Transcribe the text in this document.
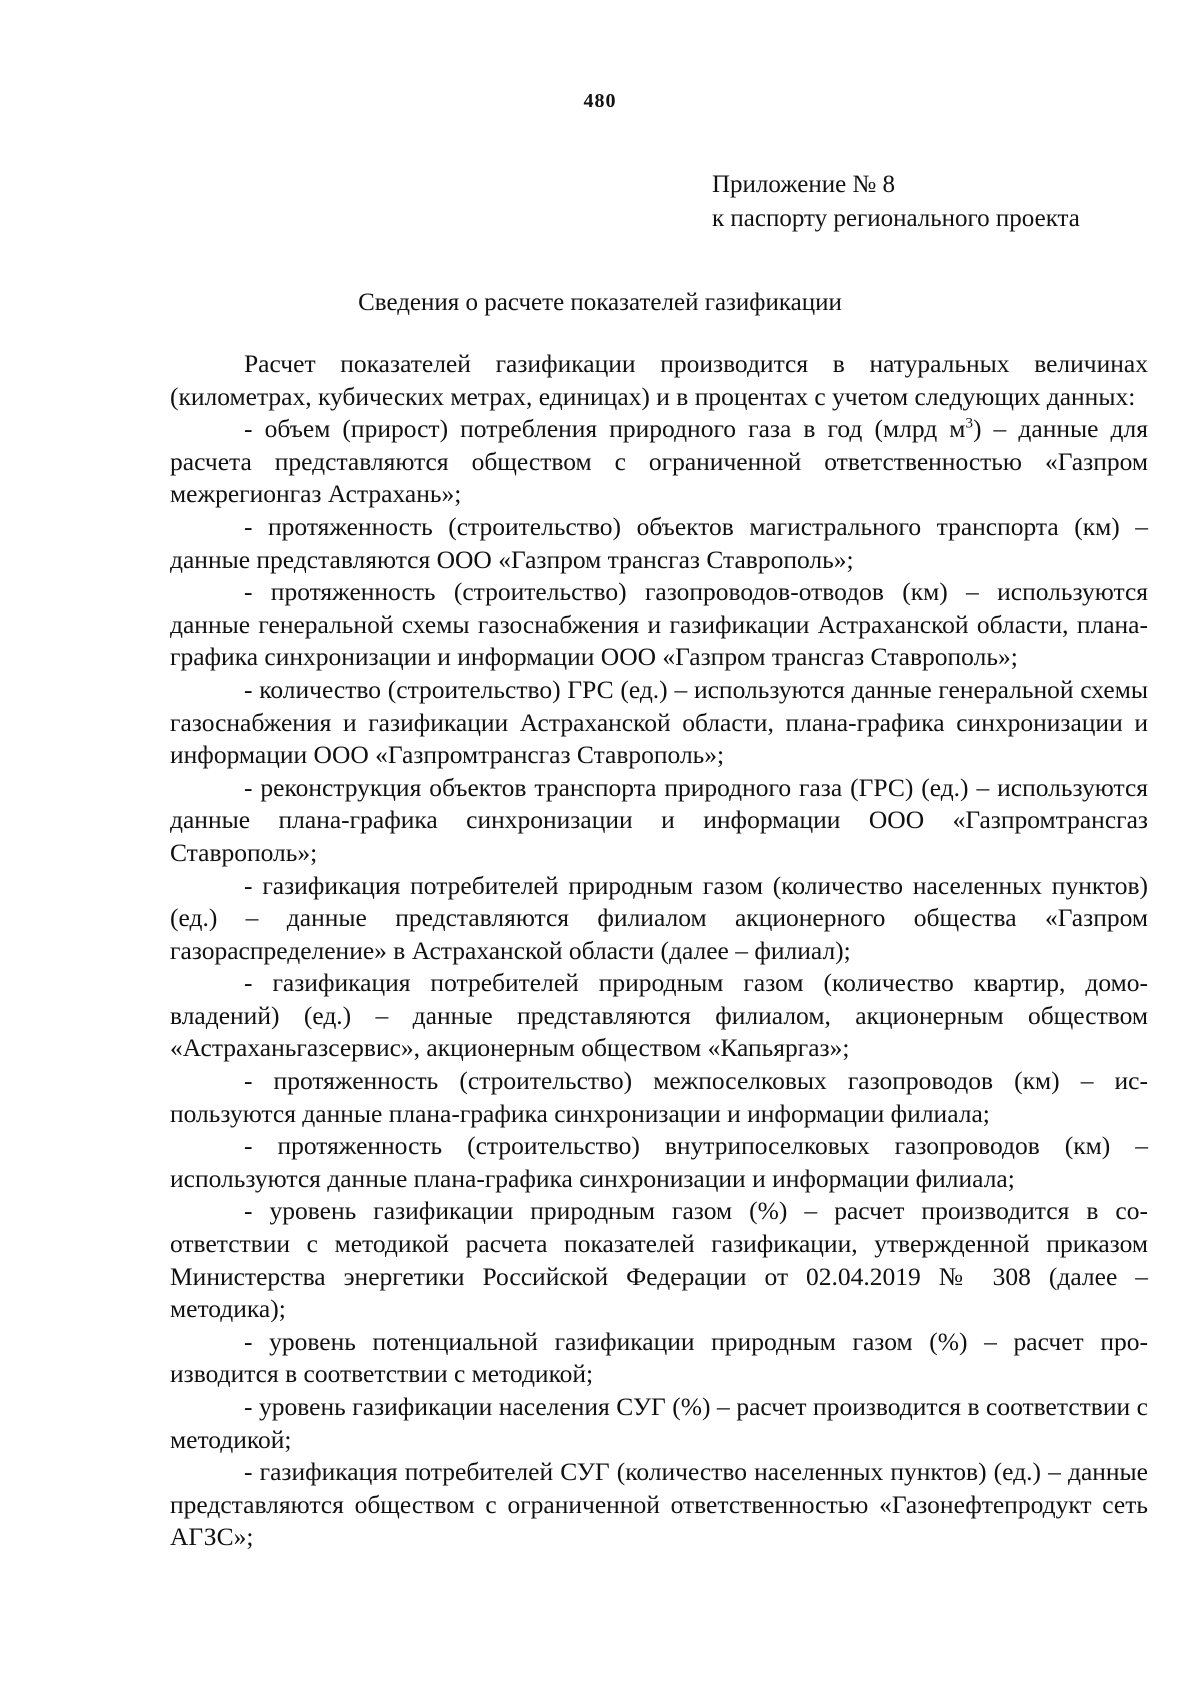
480
Приложение № 8
к паспорту регионального проекта
Сведения о расчете показателей газификации

Расчет показателей газификации производится в натуральных величинах (километрах, кубических метрах, единицах) и в процентах с учетом следующих данных:

- объем (прирост) потребления природного газа в год (млрд $м^3$) – данные для расчета представляются обществом с ограниченной ответственностью «Газпром межрегионгаз Астрахань»;

- протяженность (строительство) объектов магистрального транспорта (км) – данные представляются ООО «Газпром трансгаз Ставрополь»;

- протяженность (строительство) газопроводов-отводов (км) – используются данные генеральной схемы газоснабжения и газификации Астраханской области, плана-графика синхронизации и информации ООО «Газпром трансгаз Ставрополь»;

- количество (строительство) ГРС (ед.) – используются данные генеральной схемы газоснабжения и газификации Астраханской области, плана-графика синхронизации и информации ООО «Газпромтрансгаз Ставрополь»;

- реконструкция объектов транспорта природного газа (ГРС) (ед.) – используются данные плана-графика синхронизации и информации ООО «Газпромтрансгаз Ставрополь»;

- газификация потребителей природным газом (количество населенных пунктов) (ед.) – данные представляются филиалом акционерного общества «Газпром газораспределение» в Астраханской области (далее – филиал);

- газификация потребителей природным газом (количество квартир, домовладений) (ед.) – данные представляются филиалом, акционерным обществом «Астраханьгазсервис», акционерным обществом «Капьяргаз»;

- протяженность (строительство) межпоселковых газопроводов (км) – используются данные плана-графика синхронизации и информации филиала;

- протяженность (строительство) внутрипоселковых газопроводов (км) – используются данные плана-графика синхронизации и информации филиала;

- уровень газификации природным газом (%) – расчет производится в соответствии с методикой расчета показателей газификации, утвержденной приказом Министерства энергетики Российской Федерации от 02.04.2019 № 308 (далее – методика);

- уровень потенциальной газификации природным газом (%) – расчет производится в соответствии с методикой;

- уровень газификации населения СУГ (%) – расчет производится в соответствии с методикой;

- газификация потребителей СУГ (количество населенных пунктов) (ед.) – данные представляются обществом с ограниченной ответственностью «Газонефтепродукт сеть АГЗС»;
